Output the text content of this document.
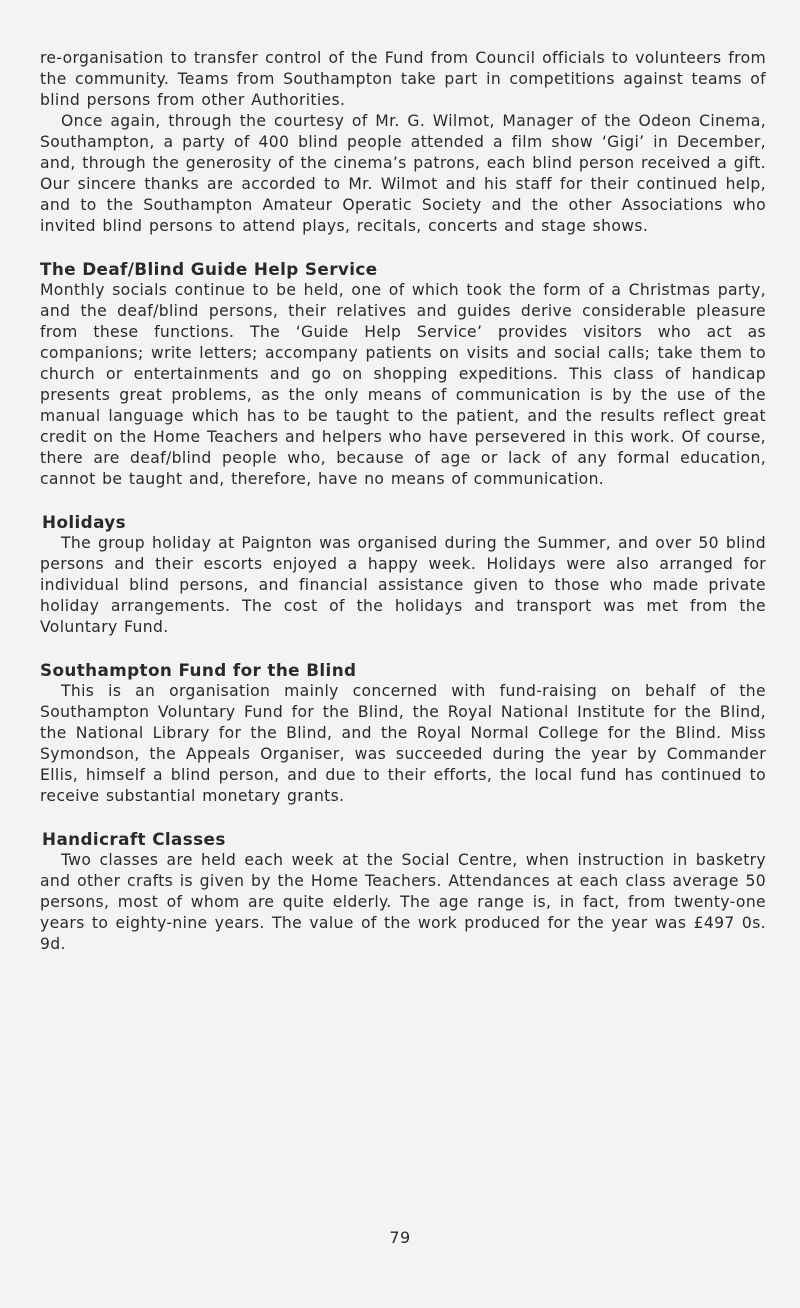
re-organisation to transfer control of the Fund from Council officials to volunteers from the community. Teams from Southampton take part in competitions against teams of blind persons from other Authorities.

Once again, through the courtesy of Mr. G. Wilmot, Manager of the Odeon Cinema, Southampton, a party of 400 blind people attended a film show ‘Gigi’ in December, and, through the generosity of the cinema’s patrons, each blind person received a gift. Our sincere thanks are accorded to Mr. Wilmot and his staff for their continued help, and to the Southampton Amateur Operatic Society and the other Associations who invited blind persons to attend plays, recitals, concerts and stage shows.

The Deaf/Blind Guide Help Service

Monthly socials continue to be held, one of which took the form of a Christmas party, and the deaf/blind persons, their relatives and guides derive considerable pleasure from these functions. The ‘Guide Help Service’ provides visitors who act as companions; write letters; accompany patients on visits and social calls; take them to church or entertainments and go on shopping expeditions. This class of handicap presents great problems, as the only means of communication is by the use of the manual language which has to be taught to the patient, and the results reflect great credit on the Home Teachers and helpers who have persevered in this work. Of course, there are deaf/blind people who, because of age or lack of any formal education, cannot be taught and, therefore, have no means of communication.

Holidays

The group holiday at Paignton was organised during the Summer, and over 50 blind persons and their escorts enjoyed a happy week. Holidays were also arranged for individual blind persons, and financial assistance given to those who made private holiday arrangements. The cost of the holidays and transport was met from the Voluntary Fund.

Southampton Fund for the Blind

This is an organisation mainly concerned with fund-raising on behalf of the Southampton Voluntary Fund for the Blind, the Royal National Institute for the Blind, the National Library for the Blind, and the Royal Normal College for the Blind. Miss Symondson, the Appeals Organiser, was succeeded during the year by Commander Ellis, himself a blind person, and due to their efforts, the local fund has continued to receive substantial monetary grants.

Handicraft Classes

Two classes are held each week at the Social Centre, when instruction in basketry and other crafts is given by the Home Teachers. Attendances at each class average 50 persons, most of whom are quite elderly. The age range is, in fact, from twenty-one years to eighty-nine years. The value of the work produced for the year was £497 0s. 9d.

79
